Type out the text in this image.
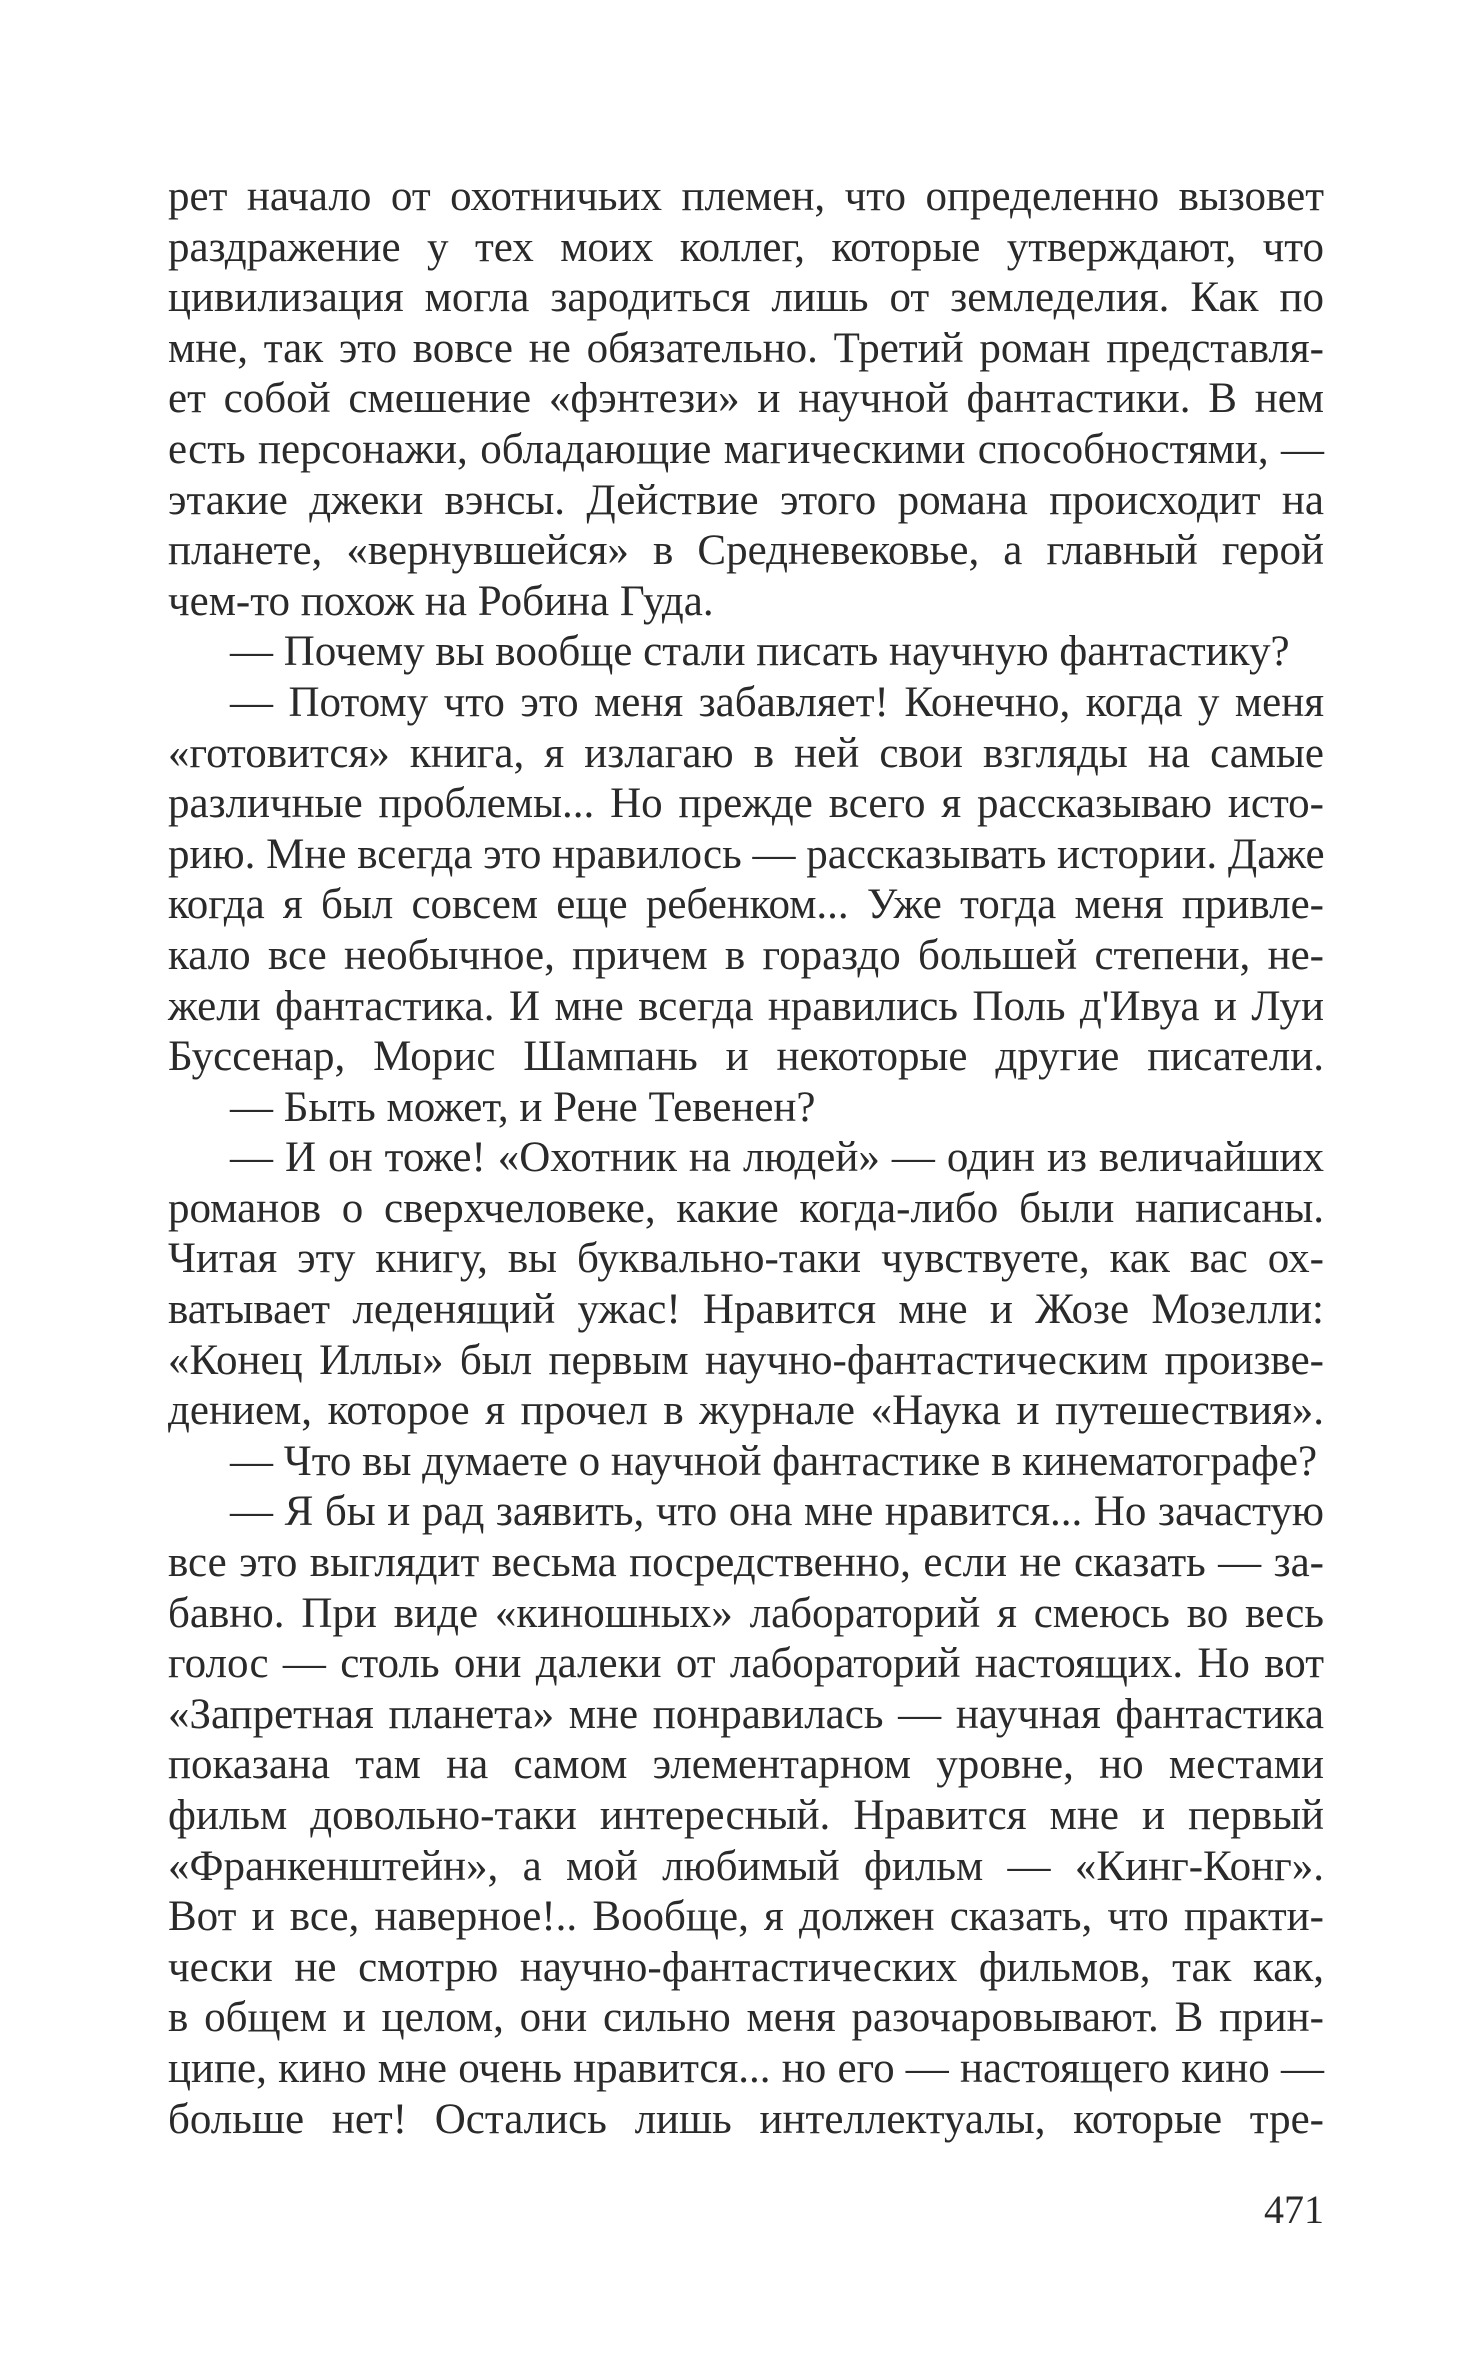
рет начало от охотничьих племен, что определенно вызовет
раздражение у тех моих коллег, которые утверждают, что
цивилизация могла зародиться лишь от земледелия. Как по
мне, так это вовсе не обязательно. Третий роман представля-
ет собой смешение «фэнтези» и научной фантастики. В нем
есть персонажи, обладающие магическими способностями, —
этакие джеки вэнсы. Действие этого романа происходит на
планете, «вернувшейся» в Средневековье, а главный герой
чем-то похож на Робина Гуда.
— Почему вы вообще стали писать научную фантастику?
— Потому что это меня забавляет! Конечно, когда у меня
«готовится» книга, я излагаю в ней свои взгляды на самые
различные проблемы... Но прежде всего я рассказываю исто-
рию. Мне всегда это нравилось — рассказывать истории. Даже
когда я был совсем еще ребенком... Уже тогда меня привле-
кало все необычное, причем в гораздо большей степени, не-
жели фантастика. И мне всегда нравились Поль д'Ивуа и Луи
Буссенар, Морис Шампань и некоторые другие писатели.
— Быть может, и Рене Тевенен?
— И он тоже! «Охотник на людей» — один из величайших
романов о сверхчеловеке, какие когда-либо были написаны.
Читая эту книгу, вы буквально-таки чувствуете, как вас ох-
ватывает леденящий ужас! Нравится мне и Жозе Мозелли:
«Конец Иллы» был первым научно-фантастическим произве-
дением, которое я прочел в журнале «Наука и путешествия».
— Что вы думаете о научной фантастике в кинематографе?
— Я бы и рад заявить, что она мне нравится... Но зачастую
все это выглядит весьма посредственно, если не сказать — за-
бавно. При виде «киношных» лабораторий я смеюсь во весь
голос — столь они далеки от лабораторий настоящих. Но вот
«Запретная планета» мне понравилась — научная фантастика
показана там на самом элементарном уровне, но местами
фильм довольно-таки интересный. Нравится мне и первый
«Франкенштейн», а мой любимый фильм — «Кинг-Конг».
Вот и все, наверное!.. Вообще, я должен сказать, что практи-
чески не смотрю научно-фантастических фильмов, так как,
в общем и целом, они сильно меня разочаровывают. В прин-
ципе, кино мне очень нравится... но его — настоящего кино —
больше нет! Остались лишь интеллектуалы, которые тре-
471
